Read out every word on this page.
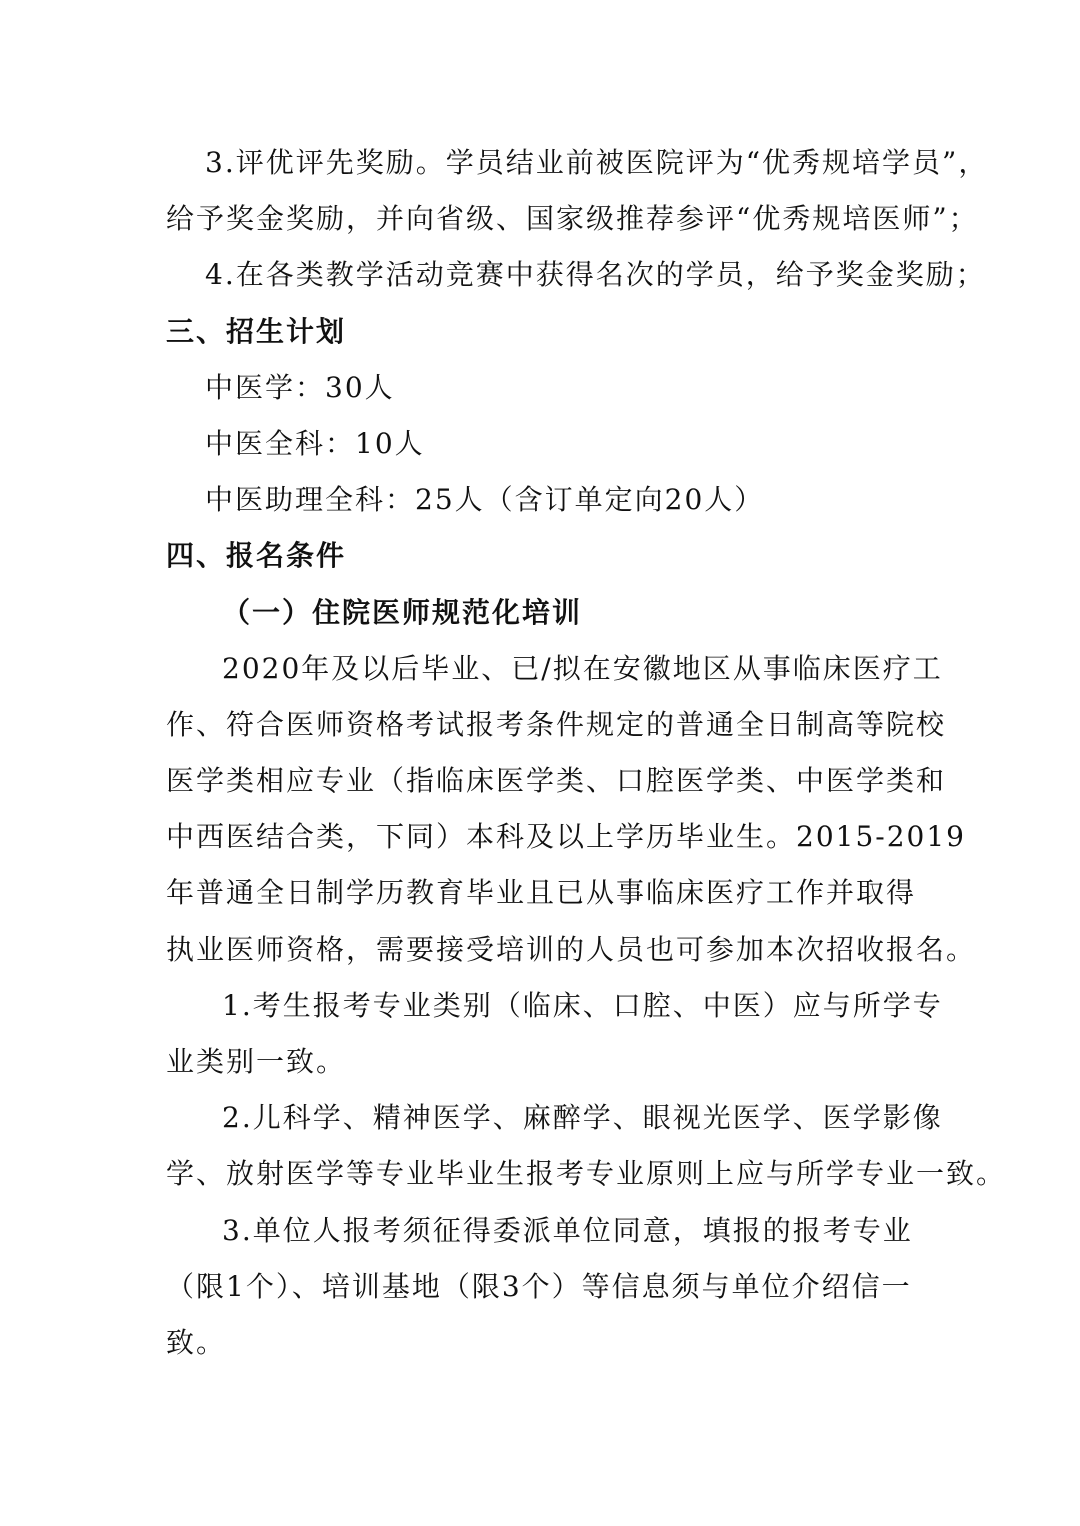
3.评优评先奖励。学员结业前被医院评为“优秀规培学员”，
给予奖金奖励，并向省级、国家级推荐参评“优秀规培医师”；
4.在各类教学活动竞赛中获得名次的学员，给予奖金奖励；
三、招生计划
中医学：30人
中医全科：10人
中医助理全科：25人（含订单定向20人）
四、报名条件
（一）住院医师规范化培训
2020年及以后毕业、已/拟在安徽地区从事临床医疗工
作、符合医师资格考试报考条件规定的普通全日制高等院校
医学类相应专业（指临床医学类、口腔医学类、中医学类和
中西医结合类，下同）本科及以上学历毕业生。2015-2019
年普通全日制学历教育毕业且已从事临床医疗工作并取得
执业医师资格，需要接受培训的人员也可参加本次招收报名。
1.考生报考专业类别（临床、口腔、中医）应与所学专
业类别一致。
2.儿科学、精神医学、麻醉学、眼视光医学、医学影像
学、放射医学等专业毕业生报考专业原则上应与所学专业一致。
3.单位人报考须征得委派单位同意，填报的报考专业
（限1个）、培训基地（限3个）等信息须与单位介绍信一
致。
